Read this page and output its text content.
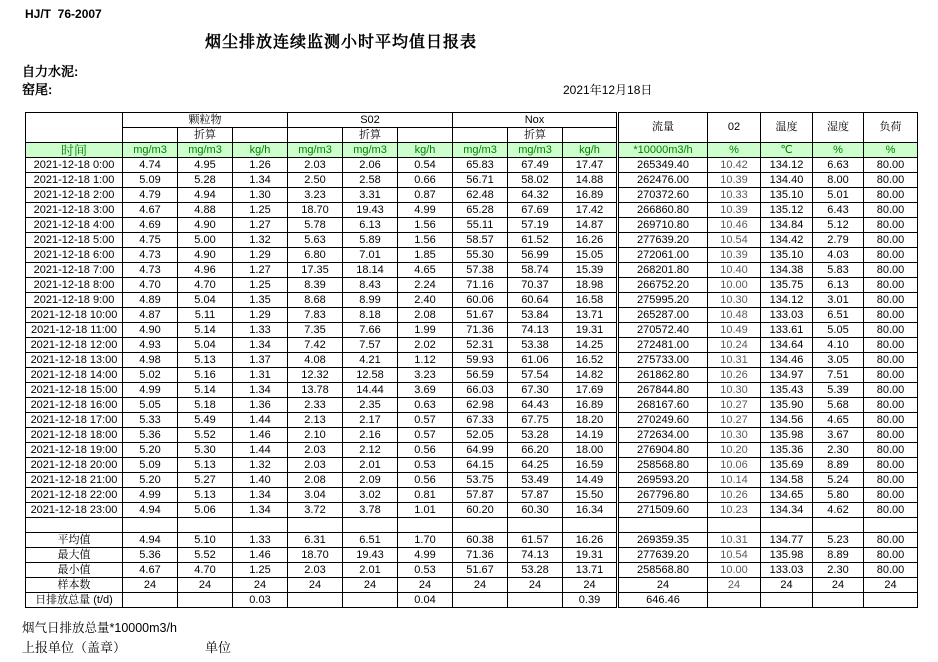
HJ/T  76-2007
烟尘排放连续监测小时平均值日报表
自力水泥:
窑尾:	2021年12月18日
	颗粒物			S02			Nox			流量	02	温度	湿度	负荷
		折算			折算			折算						
时间	mg/m3	mg/m3	kg/h	mg/m3	mg/m3	kg/h	mg/m3	mg/m3	kg/h	*10000m3/h	%	℃	%	%
2021-12-18 0:00	4.74	4.95	1.26	2.03	2.06	0.54	65.83	67.49	17.47	265349.40	10.42	134.12	6.63	80.00
2021-12-18 1:00	5.09	5.28	1.34	2.50	2.58	0.66	56.71	58.02	14.88	262476.00	10.39	134.40	8.00	80.00
2021-12-18 2:00	4.79	4.94	1.30	3.23	3.31	0.87	62.48	64.32	16.89	270372.60	10.33	135.10	5.01	80.00
2021-12-18 3:00	4.67	4.88	1.25	18.70	19.43	4.99	65.28	67.69	17.42	266860.80	10.39	135.12	6.43	80.00
2021-12-18 4:00	4.69	4.90	1.27	5.78	6.13	1.56	55.11	57.19	14.87	269710.80	10.46	134.84	5.12	80.00
2021-12-18 5:00	4.75	5.00	1.32	5.63	5.89	1.56	58.57	61.52	16.26	277639.20	10.54	134.42	2.79	80.00
2021-12-18 6:00	4.73	4.90	1.29	6.80	7.01	1.85	55.30	56.99	15.05	272061.00	10.39	135.10	4.03	80.00
2021-12-18 7:00	4.73	4.96	1.27	17.35	18.14	4.65	57.38	58.74	15.39	268201.80	10.40	134.38	5.83	80.00
2021-12-18 8:00	4.70	4.70	1.25	8.39	8.43	2.24	71.16	70.37	18.98	266752.20	10.00	135.75	6.13	80.00
2021-12-18 9:00	4.89	5.04	1.35	8.68	8.99	2.40	60.06	60.64	16.58	275995.20	10.30	134.12	3.01	80.00
2021-12-18 10:00	4.87	5.11	1.29	7.83	8.18	2.08	51.67	53.84	13.71	265287.00	10.48	133.03	6.51	80.00
2021-12-18 11:00	4.90	5.14	1.33	7.35	7.66	1.99	71.36	74.13	19.31	270572.40	10.49	133.61	5.05	80.00
2021-12-18 12:00	4.93	5.04	1.34	7.42	7.57	2.02	52.31	53.38	14.25	272481.00	10.24	134.64	4.10	80.00
2021-12-18 13:00	4.98	5.13	1.37	4.08	4.21	1.12	59.93	61.06	16.52	275733.00	10.31	134.46	3.05	80.00
2021-12-18 14:00	5.02	5.16	1.31	12.32	12.58	3.23	56.59	57.54	14.82	261862.80	10.26	134.97	7.51	80.00
2021-12-18 15:00	4.99	5.14	1.34	13.78	14.44	3.69	66.03	67.30	17.69	267844.80	10.30	135.43	5.39	80.00
2021-12-18 16:00	5.05	5.18	1.36	2.33	2.35	0.63	62.98	64.43	16.89	268167.60	10.27	135.90	5.68	80.00
2021-12-18 17:00	5.33	5.49	1.44	2.13	2.17	0.57	67.33	67.75	18.20	270249.60	10.27	134.56	4.65	80.00
2021-12-18 18:00	5.36	5.52	1.46	2.10	2.16	0.57	52.05	53.28	14.19	272634.00	10.30	135.98	3.67	80.00
2021-12-18 19:00	5.20	5.30	1.44	2.03	2.12	0.56	64.99	66.20	18.00	276904.80	10.20	135.36	2.30	80.00
2021-12-18 20:00	5.09	5.13	1.32	2.03	2.01	0.53	64.15	64.25	16.59	258568.80	10.06	135.69	8.89	80.00
2021-12-18 21:00	5.20	5.27	1.40	2.08	2.09	0.56	53.75	53.49	14.49	269593.20	10.14	134.58	5.24	80.00
2021-12-18 22:00	4.99	5.13	1.34	3.04	3.02	0.81	57.87	57.87	15.50	267796.80	10.26	134.65	5.80	80.00
2021-12-18 23:00	4.94	5.06	1.34	3.72	3.78	1.01	60.20	60.30	16.34	271509.60	10.23	134.34	4.62	80.00

平均值	4.94	5.10	1.33	6.31	6.51	1.70	60.38	61.57	16.26	269359.35	10.31	134.77	5.23	80.00
最大值	5.36	5.52	1.46	18.70	19.43	4.99	71.36	74.13	19.31	277639.20	10.54	135.98	8.89	80.00
最小值	4.67	4.70	1.25	2.03	2.01	0.53	51.67	53.28	13.71	258568.80	10.00	133.03	2.30	80.00
样本数	24	24	24	24	24	24	24	24	24	24	24	24	24	24
日排放总量 (t/d)			0.03			0.04			0.39	646.46				
烟气日排放总量*10000m3/h
上报单位（盖章）	单位
